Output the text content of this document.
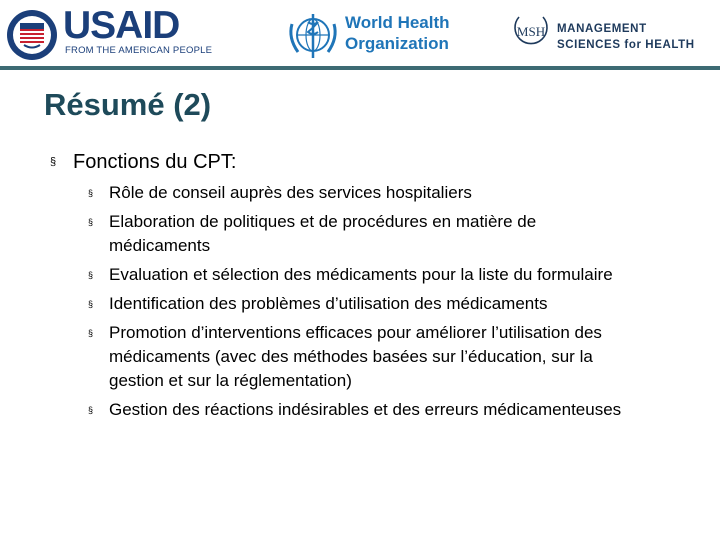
USAID
FROM THE AMERICAN PEOPLE
World Health
Organization
MSH MANAGEMENT
SCIENCES for HEALTH
Résumé (2)
§ Fonctions du CPT:
§ Rôle de conseil auprès des services hospitaliers
§ Elaboration de politiques et de procédures en matière de médicaments
§ Evaluation et sélection des médicaments pour la liste du formulaire
§ Identification des problèmes d’utilisation des médicaments
§ Promotion d’interventions efficaces pour améliorer l’utilisation des médicaments (avec des méthodes basées sur l’éducation, sur la gestion et sur la réglementation)
§ Gestion des réactions indésirables et des erreurs médicamenteuses
